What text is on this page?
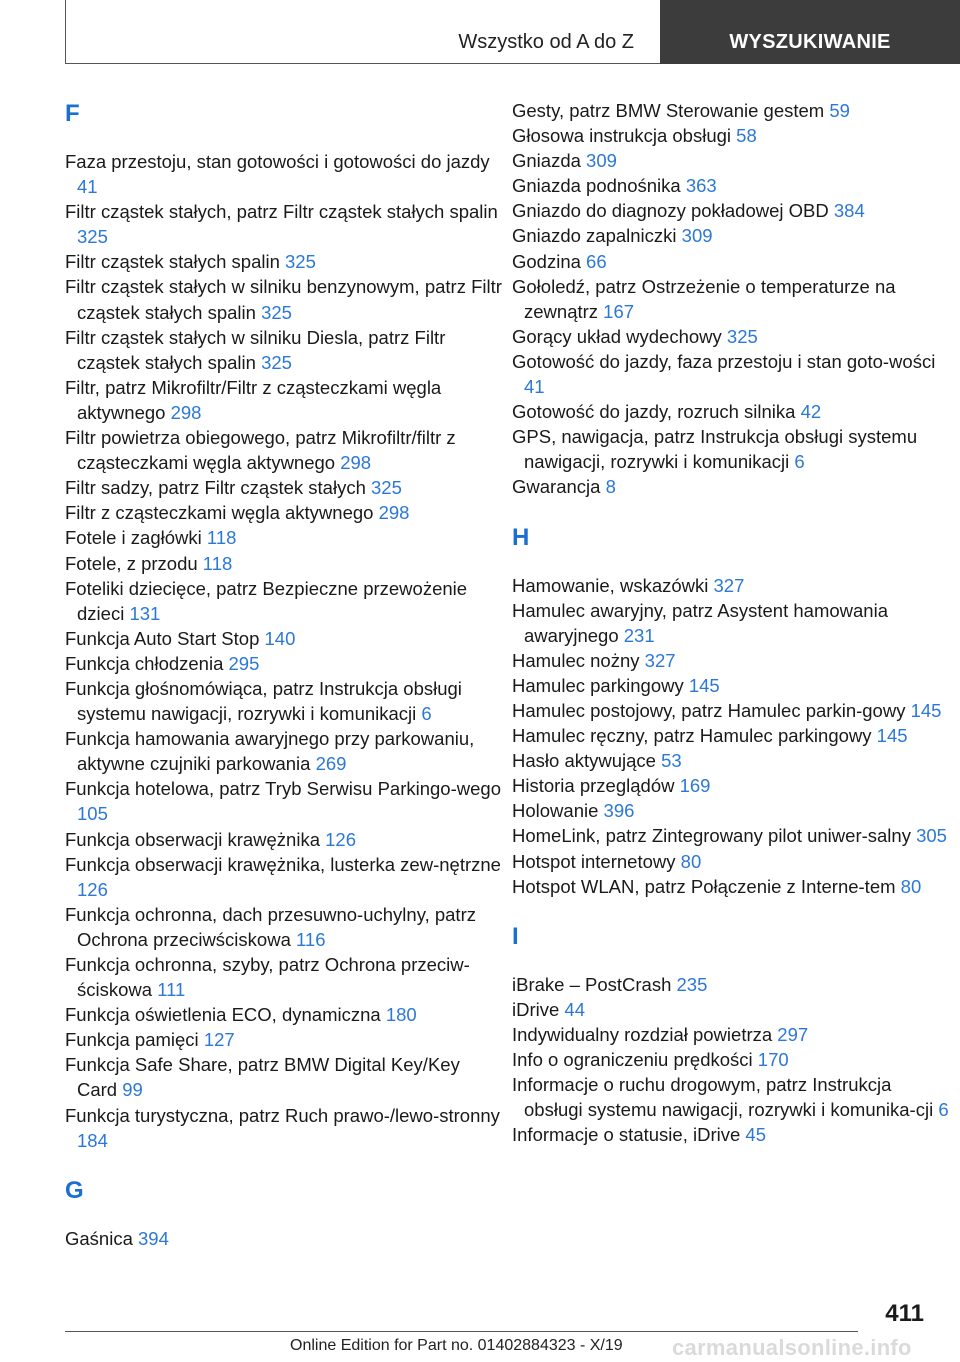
Wszystko od A do Z	WYSZUKIWANIE
F
Faza przestoju, stan gotowości i gotowości do jazdy 41
Filtr cząstek stałych, patrz Filtr cząstek stałych spalin 325
Filtr cząstek stałych spalin 325
Filtr cząstek stałych w silniku benzynowym, patrz Filtr cząstek stałych spalin 325
Filtr cząstek stałych w silniku Diesla, patrz Filtr cząstek stałych spalin 325
Filtr, patrz Mikrofiltr/Filtr z cząsteczkami węgla aktywnego 298
Filtr powietrza obiegowego, patrz Mikrofiltr/filtr z cząsteczkami węgla aktywnego 298
Filtr sadzy, patrz Filtr cząstek stałych 325
Filtr z cząsteczkami węgla aktywnego 298
Fotele i zagłówki 118
Fotele, z przodu 118
Foteliki dziecięce, patrz Bezpieczne przewożenie dzieci 131
Funkcja Auto Start Stop 140
Funkcja chłodzenia 295
Funkcja głośnomówiąca, patrz Instrukcja obsługi systemu nawigacji, rozrywki i komunikacji 6
Funkcja hamowania awaryjnego przy parkowaniu, aktywne czujniki parkowania 269
Funkcja hotelowa, patrz Tryb Serwisu Parkingo-wego 105
Funkcja obserwacji krawężnika 126
Funkcja obserwacji krawężnika, lusterka zew-nętrzne 126
Funkcja ochronna, dach przesuwno-uchylny, patrz Ochrona przeciwściskowa 116
Funkcja ochronna, szyby, patrz Ochrona przeciw-ściskowa 111
Funkcja oświetlenia ECO, dynamiczna 180
Funkcja pamięci 127
Funkcja Safe Share, patrz BMW Digital Key/Key Card 99
Funkcja turystyczna, patrz Ruch prawo-/lewo-stronny 184
G
Gaśnica 394
Gesty, patrz BMW Sterowanie gestem 59
Głosowa instrukcja obsługi 58
Gniazda 309
Gniazda podnośnika 363
Gniazdo do diagnozy pokładowej OBD 384
Gniazdo zapalniczki 309
Godzina 66
Gołoledź, patrz Ostrzeżenie o temperaturze na zewnątrz 167
Gorący układ wydechowy 325
Gotowość do jazdy, faza przestoju i stan goto-wości 41
Gotowość do jazdy, rozruch silnika 42
GPS, nawigacja, patrz Instrukcja obsługi systemu nawigacji, rozrywki i komunikacji 6
Gwarancja 8
H
Hamowanie, wskazówki 327
Hamulec awaryjny, patrz Asystent hamowania awaryjnego 231
Hamulec nożny 327
Hamulec parkingowy 145
Hamulec postojowy, patrz Hamulec parkin-gowy 145
Hamulec ręczny, patrz Hamulec parkingowy 145
Hasło aktywujące 53
Historia przeglądów 169
Holowanie 396
HomeLink, patrz Zintegrowany pilot uniwer-salny 305
Hotspot internetowy 80
Hotspot WLAN, patrz Połączenie z Interne-tem 80
I
iBrake – PostCrash 235
iDrive 44
Indywidualny rozdział powietrza 297
Info o ograniczeniu prędkości 170
Informacje o ruchu drogowym, patrz Instrukcja obsługi systemu nawigacji, rozrywki i komunika-cji 6
Informacje o statusie, iDrive 45
411
Online Edition for Part no. 01402884323 - X/19 carmanualsonline.info
